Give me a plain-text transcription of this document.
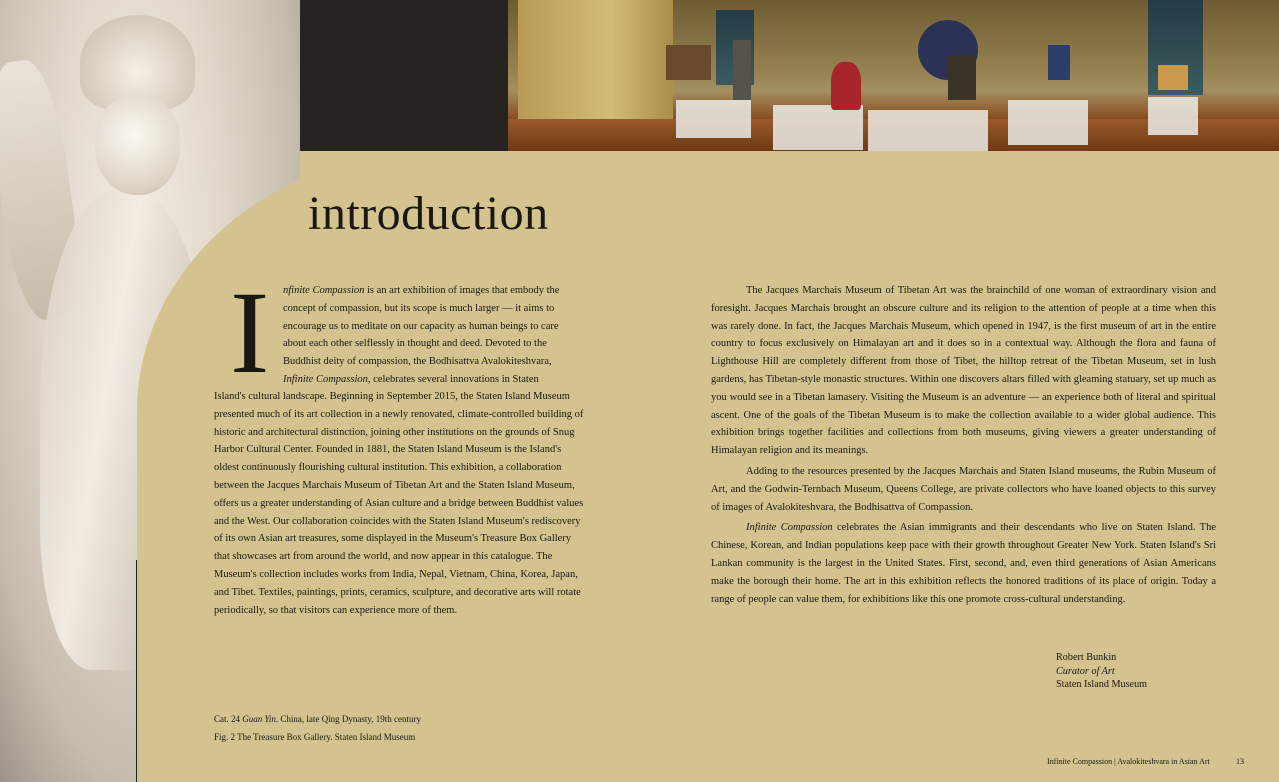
introduction
I nfinite Compassion is an art exhibition of images that embody the concept of compassion, but its scope is much larger — it aims to encourage us to meditate on our capacity as human beings to care about each other selflessly in thought and deed. Devoted to the Buddhist deity of compassion, the Bodhisattva Avalokiteshvara, Infinite Compassion, celebrates several innovations in Staten

Island's cultural landscape. Beginning in September 2015, the Staten Island Museum presented much of its art collection in a newly renovated, climate-controlled building of historic and architectural distinction, joining other institutions on the grounds of Snug Harbor Cultural Center. Founded in 1881, the Staten Island Museum is the Island's oldest continuously flourishing cultural institution. This exhibition, a collaboration between the Jacques Marchais Museum of Tibetan Art and the Staten Island Museum, offers us a greater understanding of Asian culture and a bridge between Buddhist values and the West. Our collaboration coincides with the Staten Island Museum's rediscovery of its own Asian art treasures, some displayed in the Museum's Treasure Box Gallery that showcases art from around the world, and now appear in this catalogue. The Museum's collection includes works from India, Nepal, Vietnam, China, Korea, Japan, and Tibet. Textiles, paintings, prints, ceramics, sculpture, and decorative arts will rotate periodically, so that visitors can experience more of them.

The Jacques Marchais Museum of Tibetan Art was the brainchild of one woman of extraordinary vision and foresight. Jacques Marchais brought an obscure culture and its religion to the attention of people at a time when this was rarely done. In fact, the Jacques Marchais Museum, which opened in 1947, is the first museum of art in the entire country to focus exclusively on Himalayan art and it does so in a contextual way. Although the flora and fauna of Lighthouse Hill are completely different from those of Tibet, the hilltop retreat of the Tibetan Museum, set in lush gardens, has Tibetan-style monastic structures. Within one discovers altars filled with gleaming statuary, set up much as you would see in a Tibetan lamasery. Visiting the Museum is an adventure — an experience both of literal and spiritual ascent. One of the goals of the Tibetan Museum is to make the collection available to a wider global audience. This exhibition brings together facilities and collections from both museums, giving viewers a greater understanding of Himalayan religion and its meanings.

Adding to the resources presented by the Jacques Marchais and Staten Island museums, the Rubin Museum of Art, and the Godwin-Ternbach Museum, Queens College, are private collectors who have loaned objects to this survey of images of Avalokiteshvara, the Bodhisattva of Compassion.

Infinite Compassion celebrates the Asian immigrants and their descendants who live on Staten Island. The Chinese, Korean, and Indian populations keep pace with their growth throughout Greater New York. Staten Island's Sri Lankan community is the largest in the United States. First, second, and, even third generations of Asian Americans make the borough their home. The art in this exhibition reflects the honored traditions of its place of origin. Today a range of people can value them, for exhibitions like this one promote cross-cultural understanding.

Robert Bunkin
Curator of Art
Staten Island Museum
Cat. 24 Guan Yin. China, late Qing Dynasty, 19th century
Fig. 2 The Treasure Box Gallery. Staten Island Museum
Infinite Compassion | Avalokiteshvara in Asian Art	13
